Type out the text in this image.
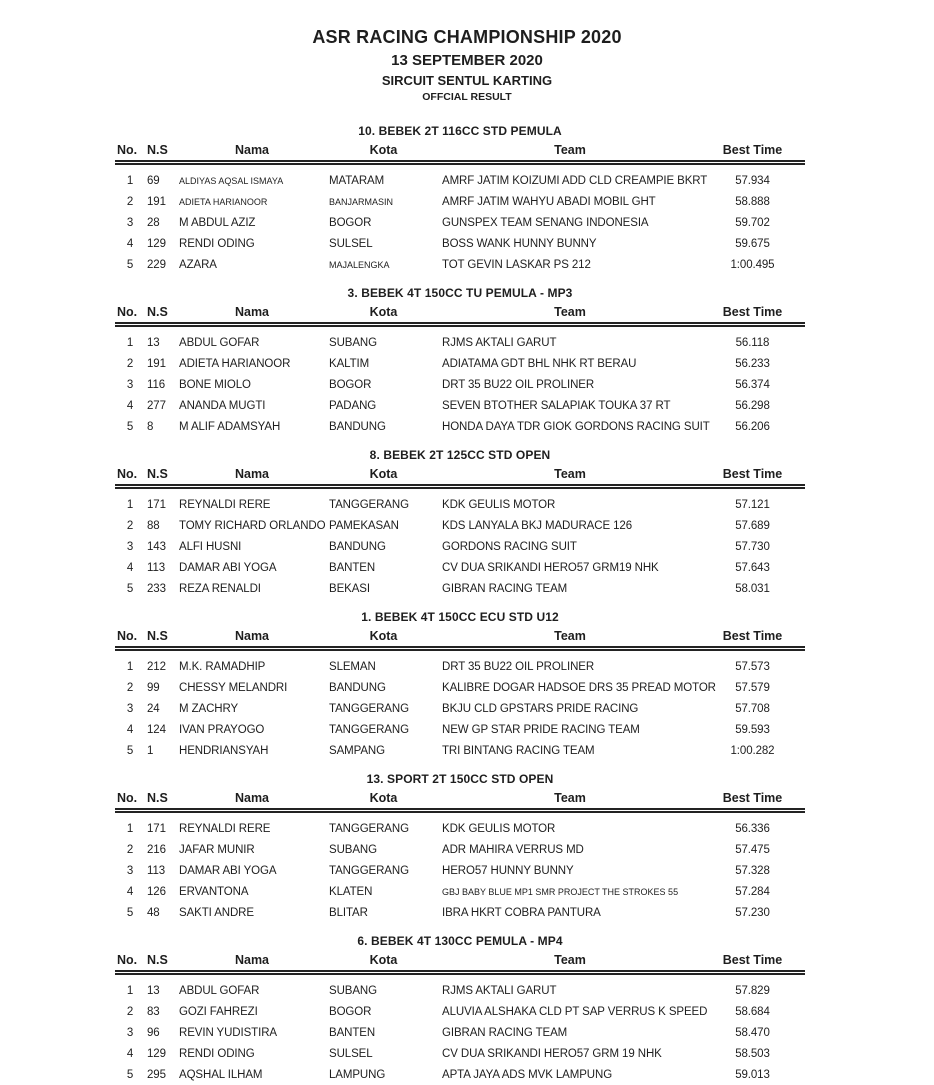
ASR RACING CHAMPIONSHIP 2020
13 SEPTEMBER 2020
SIRCUIT SENTUL KARTING
OFFCIAL RESULT
10. BEBEK 2T 116CC STD PEMULA
No.	N.S	Nama	Kota	Team	Best Time
1	69	ALDIYAS AQSAL ISMAYA	MATARAM	AMRF JATIM KOIZUMI ADD CLD CREAMPIE BKRT	57.934
2	191	ADIETA HARIANOOR	BANJARMASIN	AMRF JATIM WAHYU ABADI MOBIL GHT	58.888
3	28	M ABDUL AZIZ	BOGOR	GUNSPEX TEAM SENANG INDONESIA	59.702
4	129	RENDI ODING	SULSEL	BOSS WANK HUNNY BUNNY	59.675
5	229	AZARA	MAJALENGKA	TOT GEVIN LASKAR PS 212	1:00.495
3. BEBEK 4T 150CC TU PEMULA - MP3
No.	N.S	Nama	Kota	Team	Best Time
1	13	ABDUL GOFAR	SUBANG	RJMS AKTALI GARUT	56.118
2	191	ADIETA HARIANOOR	KALTIM	ADIATAMA GDT BHL NHK RT BERAU	56.233
3	116	BONE MIOLO	BOGOR	DRT 35 BU22 OIL PROLINER	56.374
4	277	ANANDA MUGTI	PADANG	SEVEN BTOTHER SALAPIAK TOUKA 37 RT	56.298
5	8	M ALIF ADAMSYAH	BANDUNG	HONDA DAYA TDR GIOK GORDONS RACING SUIT	56.206
8. BEBEK 2T 125CC STD OPEN
No.	N.S	Nama	Kota	Team	Best Time
1	171	REYNALDI RERE	TANGGERANG	KDK GEULIS MOTOR	57.121
2	88	TOMY RICHARD ORLANDO	PAMEKASAN	KDS LANYALA BKJ MADURACE 126	57.689
3	143	ALFI HUSNI	BANDUNG	GORDONS RACING SUIT	57.730
4	113	DAMAR ABI YOGA	BANTEN	CV DUA SRIKANDI HERO57 GRM19 NHK	57.643
5	233	REZA RENALDI	BEKASI	GIBRAN RACING TEAM	58.031
1. BEBEK 4T 150CC ECU STD U12
No.	N.S	Nama	Kota	Team	Best Time
1	212	M.K. RAMADHIP	SLEMAN	DRT 35 BU22 OIL PROLINER	57.573
2	99	CHESSY MELANDRI	BANDUNG	KALIBRE DOGAR HADSOE DRS 35 PREAD MOTOR	57.579
3	24	M ZACHRY	TANGGERANG	BKJU CLD GPSTARS PRIDE RACING	57.708
4	124	IVAN PRAYOGO	TANGGERANG	NEW GP STAR PRIDE RACING TEAM	59.593
5	1	HENDRIANSYAH	SAMPANG	TRI BINTANG RACING TEAM	1:00.282
13. SPORT 2T 150CC STD OPEN
No.	N.S	Nama	Kota	Team	Best Time
1	171	REYNALDI RERE	TANGGERANG	KDK GEULIS MOTOR	56.336
2	216	JAFAR MUNIR	SUBANG	ADR MAHIRA VERRUS MD	57.475
3	113	DAMAR ABI YOGA	TANGGERANG	HERO57 HUNNY BUNNY	57.328
4	126	ERVANTONA	KLATEN	GBJ BABY BLUE MP1 SMR PROJECT THE STROKES 55	57.284
5	48	SAKTI ANDRE	BLITAR	IBRA HKRT COBRA PANTURA	57.230
6. BEBEK 4T 130CC PEMULA - MP4
No.	N.S	Nama	Kota	Team	Best Time
1	13	ABDUL GOFAR	SUBANG	RJMS AKTALI GARUT	57.829
2	83	GOZI FAHREZI	BOGOR	ALUVIA ALSHAKA CLD PT SAP VERRUS K SPEED	58.684
3	96	REVIN YUDISTIRA	BANTEN	GIBRAN RACING TEAM	58.470
4	129	RENDI ODING	SULSEL	CV DUA SRIKANDI HERO57 GRM 19 NHK	58.503
5	295	AQSHAL ILHAM	LAMPUNG	APTA JAYA ADS MVK LAMPUNG	59.013
